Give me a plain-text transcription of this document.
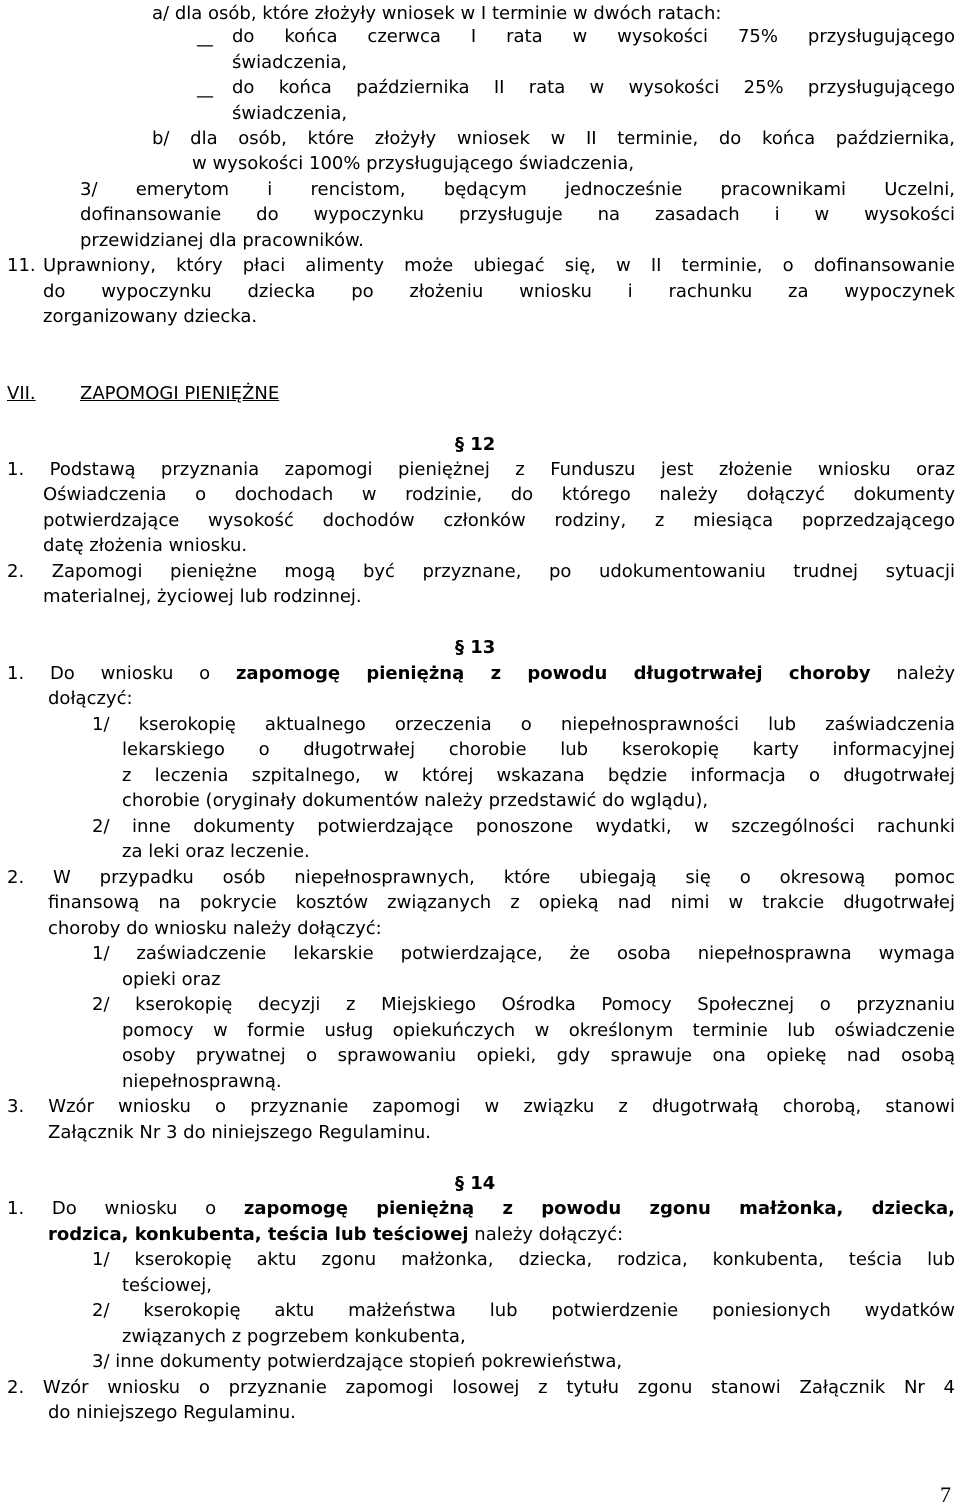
a/ dla osób, które złożyły wniosek w I terminie w dwóch ratach:
— do końca czerwca I rata w wysokości 75% przysługującego
świadczenia,
— do końca października II rata w wysokości 25% przysługującego
świadczenia,
b/ dla osób, które złożyły wniosek w II terminie, do końca października,
w wysokości 100% przysługującego świadczenia,
3/ emerytom i rencistom, będącym jednocześnie pracownikami Uczelni,
dofinansowanie do wypoczynku przysługuje na zasadach i w wysokości
przewidzianej dla pracowników.
11. Uprawniony, który płaci alimenty może ubiegać się, w II terminie, o dofinansowanie
do wypoczynku dziecka po złożeniu wniosku i rachunku za wypoczynek
zorganizowany dziecka.
VII. ZAPOMOGI PIENIĘŻNE
§ 12
1. Podstawą przyznania zapomogi pieniężnej z Funduszu jest złożenie wniosku oraz
Oświadczenia o dochodach w rodzinie, do którego należy dołączyć dokumenty
potwierdzające wysokość dochodów członków rodziny, z miesiąca poprzedzającego
datę złożenia wniosku.
2. Zapomogi pieniężne mogą być przyznane, po udokumentowaniu trudnej sytuacji
materialnej, życiowej lub rodzinnej.
§ 13
1. Do wniosku o zapomogę pieniężną z powodu długotrwałej choroby należy
dołączyć:
1/ kserokopię aktualnego orzeczenia o niepełnosprawności lub zaświadczenia
lekarskiego o długotrwałej chorobie lub kserokopię karty informacyjnej
z leczenia szpitalnego, w której wskazana będzie informacja o długotrwałej
chorobie (oryginały dokumentów należy przedstawić do wglądu),
2/ inne dokumenty potwierdzające ponoszone wydatki, w szczególności rachunki
za leki oraz leczenie.
2. W przypadku osób niepełnosprawnych, które ubiegają się o okresową pomoc
finansową na pokrycie kosztów związanych z opieką nad nimi w trakcie długotrwałej
choroby do wniosku należy dołączyć:
1/ zaświadczenie lekarskie potwierdzające, że osoba niepełnosprawna wymaga
opieki oraz
2/ kserokopię decyzji z Miejskiego Ośrodka Pomocy Społecznej o przyznaniu
pomocy w formie usług opiekuńczych w określonym terminie lub oświadczenie
osoby prywatnej o sprawowaniu opieki, gdy sprawuje ona opiekę nad osobą
niepełnosprawną.
3. Wzór wniosku o przyznanie zapomogi w związku z długotrwałą chorobą, stanowi
Załącznik Nr 3 do niniejszego Regulaminu.
§ 14
1. Do wniosku o zapomogę pieniężną z powodu zgonu małżonka, dziecka,
rodzica, konkubenta, teścia lub teściowej należy dołączyć:
1/ kserokopię aktu zgonu małżonka, dziecka, rodzica, konkubenta, teścia lub
teściowej,
2/ kserokopię aktu małżeństwa lub potwierdzenie poniesionych wydatków
związanych z pogrzebem konkubenta,
3/ inne dokumenty potwierdzające stopień pokrewieństwa,
2. Wzór wniosku o przyznanie zapomogi losowej z tytułu zgonu stanowi Załącznik Nr 4
do niniejszego Regulaminu.
7
